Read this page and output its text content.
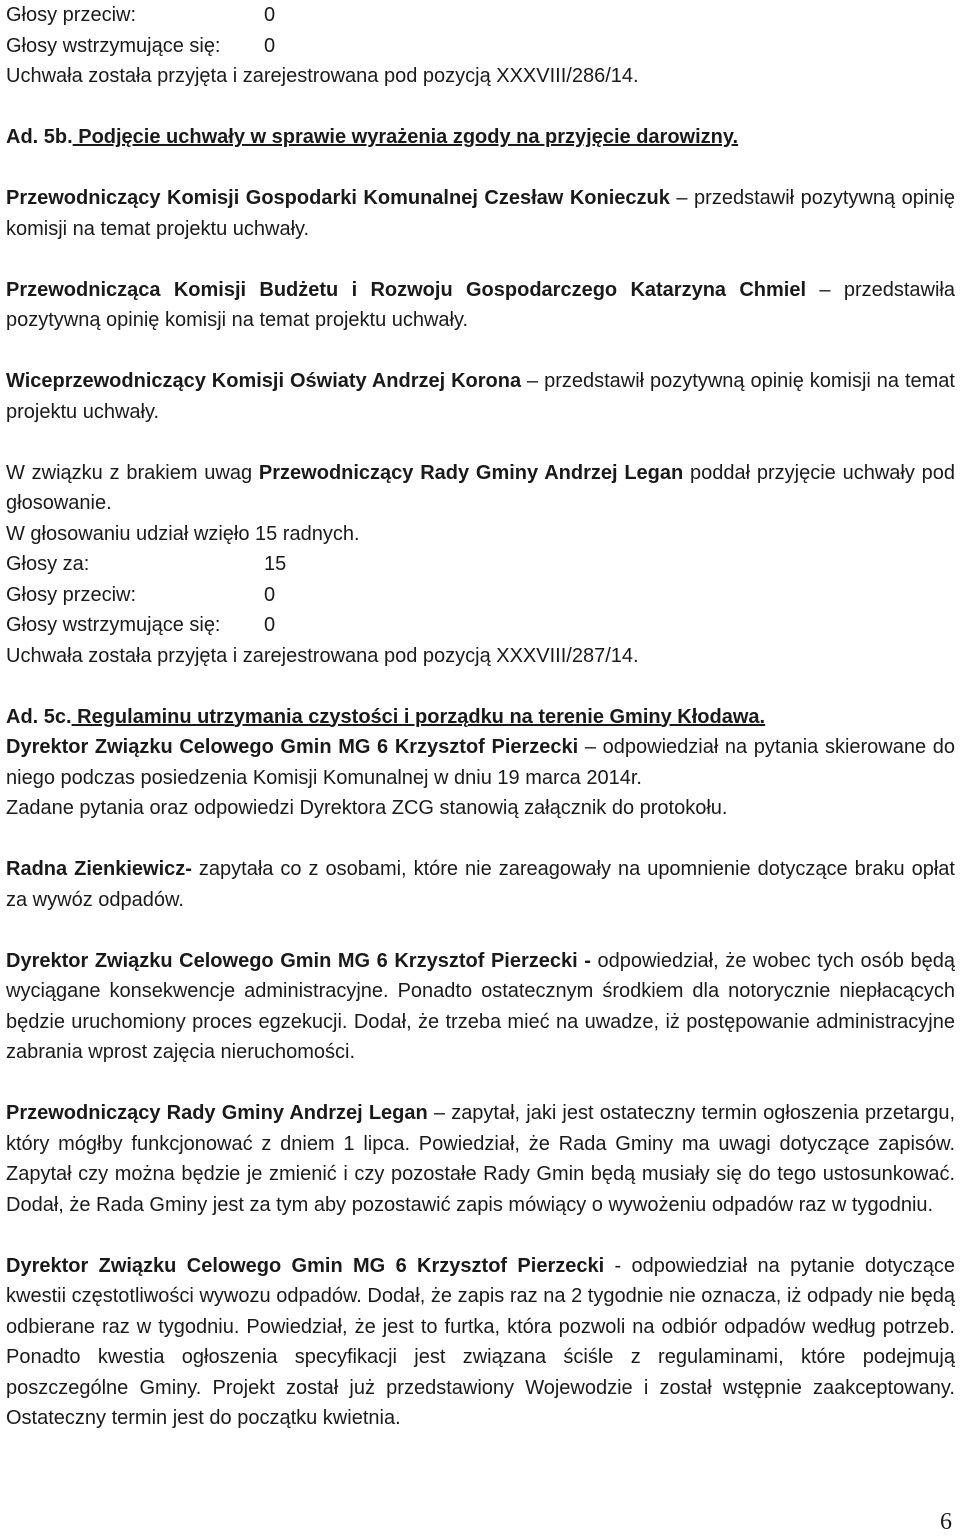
Głosy przeciw:	0
Głosy wstrzymujące się:	0

Uchwała została przyjęta i zarejestrowana pod pozycją XXXVIII/286/14.

Ad. 5b. Podjęcie uchwały w sprawie wyrażenia zgody na przyjęcie darowizny.

Przewodniczący Komisji Gospodarki Komunalnej Czesław Konieczuk – przedstawił pozytywną opinię komisji na temat projektu uchwały.

Przewodnicząca Komisji Budżetu i Rozwoju Gospodarczego Katarzyna Chmiel – przedstawiła pozytywną opinię komisji na temat projektu uchwały.

Wiceprzewodniczący Komisji Oświaty Andrzej Korona – przedstawił pozytywną opinię komisji na temat projektu uchwały.

W związku z brakiem uwag Przewodniczący Rady Gminy Andrzej Legan poddał przyjęcie uchwały pod głosowanie.

W głosowaniu udział wzięło 15 radnych.

Głosy za:	15
Głosy przeciw:	0
Głosy wstrzymujące się:	0

Uchwała została przyjęta i zarejestrowana pod pozycją XXXVIII/287/14.

Ad. 5c. Regulaminu utrzymania czystości i porządku na terenie Gminy Kłodawa.

Dyrektor Związku Celowego Gmin MG 6 Krzysztof Pierzecki – odpowiedział na pytania skierowane do niego podczas posiedzenia Komisji Komunalnej w dniu 19 marca 2014r.

Zadane pytania oraz odpowiedzi Dyrektora ZCG stanowią załącznik do protokołu.

Radna Zienkiewicz- zapytała co z osobami, które nie zareagowały na upomnienie dotyczące braku opłat za wywóz odpadów.

Dyrektor Związku Celowego Gmin MG 6 Krzysztof Pierzecki - odpowiedział, że wobec tych osób będą wyciągane konsekwencje administracyjne. Ponadto ostatecznym środkiem dla notorycznie niepłacących będzie uruchomiony proces egzekucji. Dodał, że trzeba mieć na uwadze, iż postępowanie administracyjne zabrania wprost zajęcia nieruchomości.

Przewodniczący Rady Gminy Andrzej Legan – zapytał, jaki jest ostateczny termin ogłoszenia przetargu, który mógłby funkcjonować z dniem 1 lipca. Powiedział, że Rada Gminy ma uwagi dotyczące zapisów. Zapytał czy można będzie je zmienić i czy pozostałe Rady Gmin będą musiały się do tego ustosunkować. Dodał, że Rada Gminy jest za tym aby pozostawić zapis mówiący o wywożeniu odpadów raz w tygodniu.

Dyrektor Związku Celowego Gmin MG 6 Krzysztof Pierzecki - odpowiedział na pytanie dotyczące kwestii częstotliwości wywozu odpadów. Dodał, że zapis raz na 2 tygodnie nie oznacza, iż odpady nie będą odbierane raz w tygodniu. Powiedział, że jest to furtka, która pozwoli na odbiór odpadów według potrzeb. Ponadto kwestia ogłoszenia specyfikacji jest związana ściśle z regulaminami, które podejmują poszczególne Gminy. Projekt został już przedstawiony Wojewodzie i został wstępnie zaakceptowany. Ostateczny termin jest do początku kwietnia.

6
